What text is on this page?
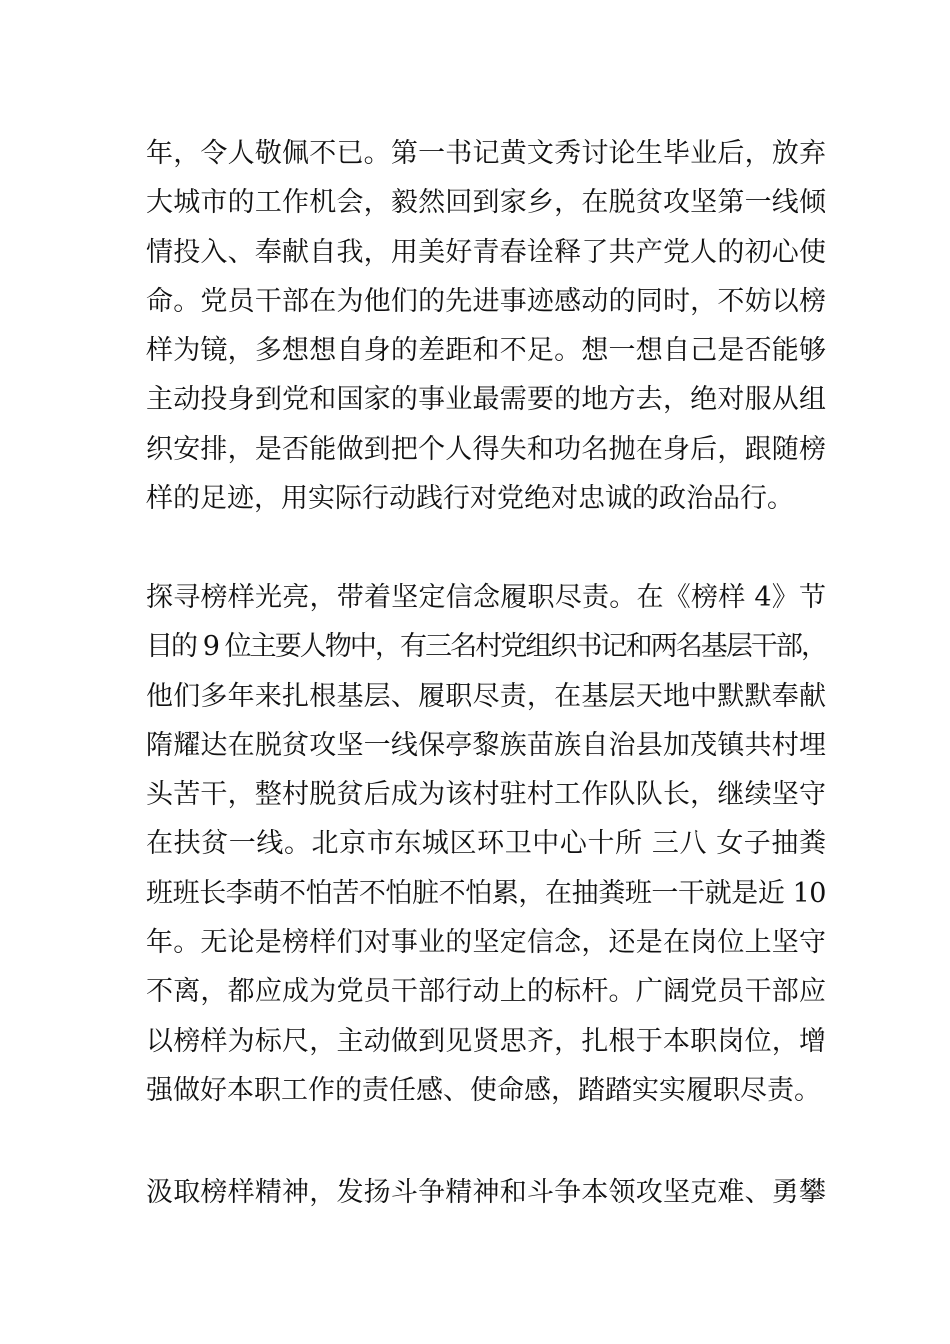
年，令人敬佩不已。第一书记黄文秀讨论生毕业后，放弃
大城市的工作机会，毅然回到家乡，在脱贫攻坚第一线倾
情投入、奉献自我，用美好青春诠释了共产党人的初心使
命。党员干部在为他们的先进事迹感动的同时，不妨以榜
样为镜，多想想自身的差距和不足。想一想自己是否能够
主动投身到党和国家的事业最需要的地方去，绝对服从组
织安排，是否能做到把个人得失和功名抛在身后，跟随榜
样的足迹，用实际行动践行对党绝对忠诚的政治品行。
探寻榜样光亮，带着坚定信念履职尽责。在《榜样 4》节
目的 9 位主要人物中，有三名村党组织书记和两名基层干部，
他们多年来扎根基层、履职尽责，在基层天地中默默奉献
隋耀达在脱贫攻坚一线保亭黎族苗族自治县加茂镇共村埋
头苦干，整村脱贫后成为该村驻村工作队队长，继续坚守
在扶贫一线。北京市东城区环卫中心十所 三八 女子抽粪
班班长李萌不怕苦不怕脏不怕累，在抽粪班一干就是近 10
年。无论是榜样们对事业的坚定信念，还是在岗位上坚守
不离，都应成为党员干部行动上的标杆。广阔党员干部应
以榜样为标尺，主动做到见贤思齐，扎根于本职岗位，增
强做好本职工作的责任感、使命感，踏踏实实履职尽责。
汲取榜样精神，发扬斗争精神和斗争本领攻坚克难、勇攀
